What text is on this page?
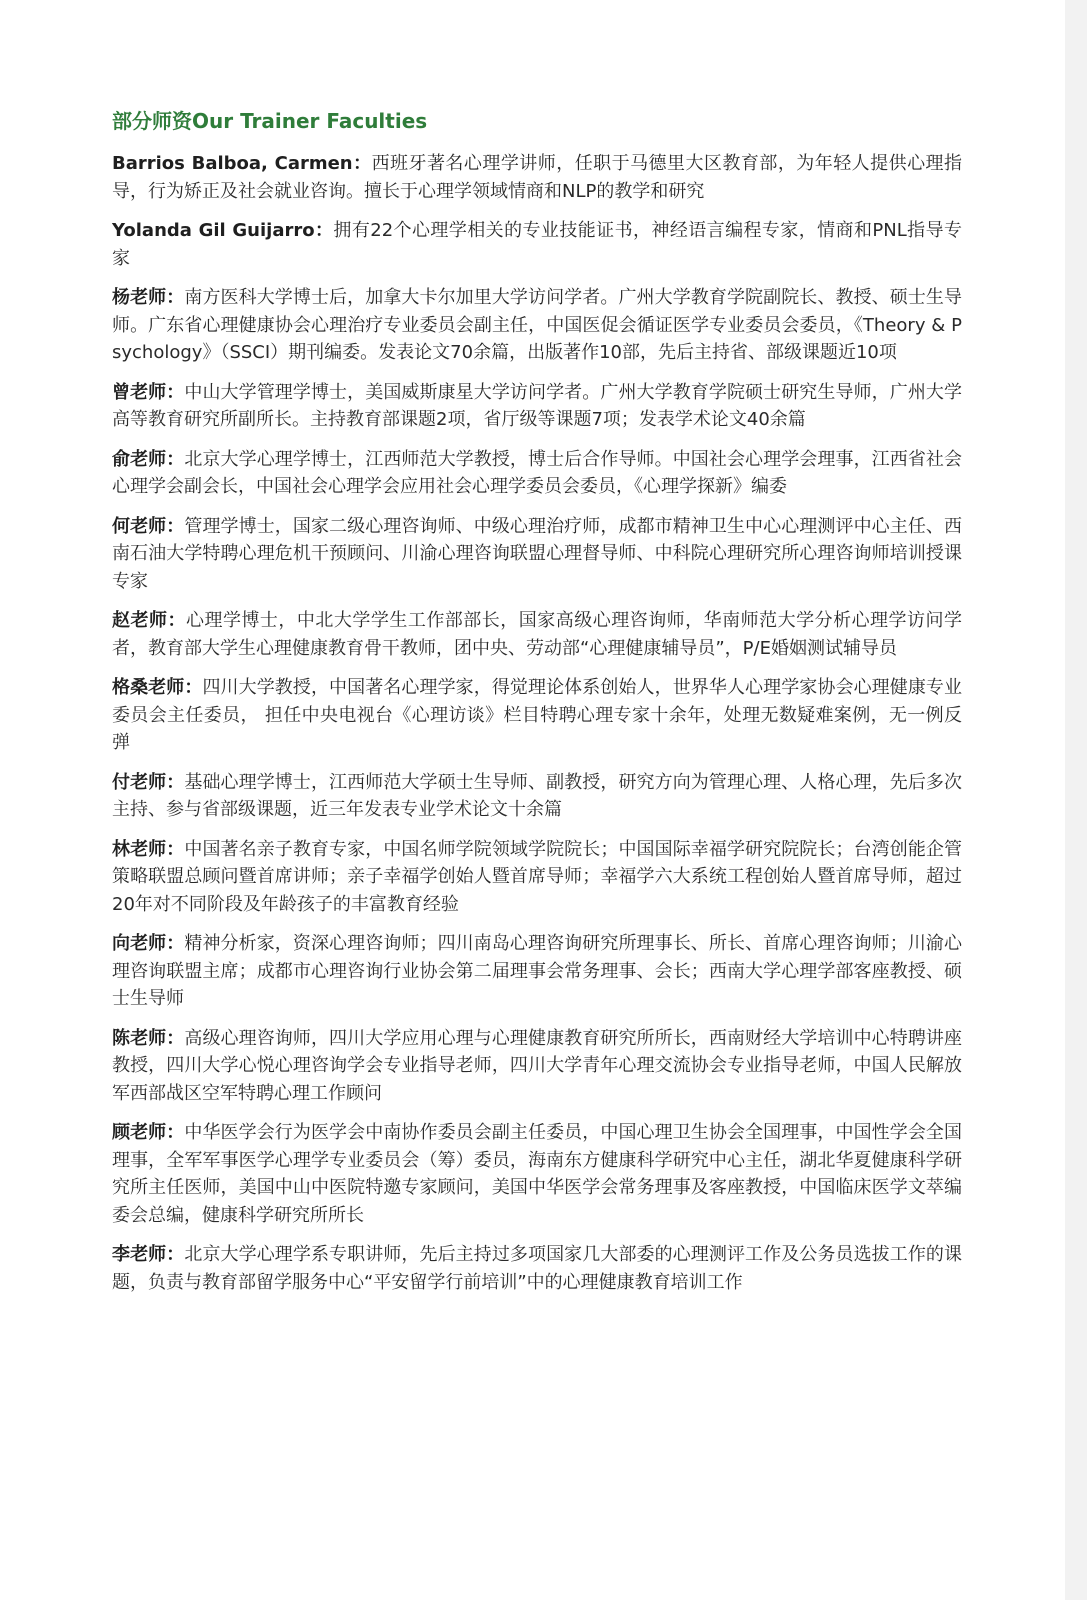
部分师资Our Trainer Faculties

Barrios Balboa, Carmen：西班牙著名心理学讲师，任职于马德里大区教育部，为年轻人提供心理指导，行为矫正及社会就业咨询。擅长于心理学领域情商和NLP的教学和研究

Yolanda Gil Guijarro：拥有22个心理学相关的专业技能证书，神经语言编程专家，情商和PNL指导专家

杨老师：南方医科大学博士后，加拿大卡尔加里大学访问学者。广州大学教育学院副院长、教授、硕士生导师。广东省心理健康协会心理治疗专业委员会副主任，中国医促会循证医学专业委员会委员，《Theory & Psychology》（SSCI）期刊编委。发表论文70余篇，出版著作10部，先后主持省、部级课题近10项

曾老师：中山大学管理学博士，美国威斯康星大学访问学者。广州大学教育学院硕士研究生导师，广州大学高等教育研究所副所长。主持教育部课题2项，省厅级等课题7项；发表学术论文40余篇

俞老师：北京大学心理学博士，江西师范大学教授，博士后合作导师。中国社会心理学会理事，江西省社会心理学会副会长，中国社会心理学会应用社会心理学委员会委员，《心理学探新》编委

何老师：管理学博士，国家二级心理咨询师、中级心理治疗师，成都市精神卫生中心心理测评中心主任、西南石油大学特聘心理危机干预顾问、川渝心理咨询联盟心理督导师、中科院心理研究所心理咨询师培训授课专家

赵老师：心理学博士，中北大学学生工作部部长，国家高级心理咨询师，华南师范大学分析心理学访问学者，教育部大学生心理健康教育骨干教师，团中央、劳动部“心理健康辅导员”，P/E婚姻测试辅导员

格桑老师：四川大学教授，中国著名心理学家，得觉理论体系创始人，世界华人心理学家协会心理健康专业委员会主任委员， 担任中央电视台《心理访谈》栏目特聘心理专家十余年，处理无数疑难案例，无一例反弹

付老师：基础心理学博士，江西师范大学硕士生导师、副教授，研究方向为管理心理、人格心理，先后多次主持、参与省部级课题，近三年发表专业学术论文十余篇

林老师：中国著名亲子教育专家，中国名师学院领域学院院长；中国国际幸福学研究院院长；台湾创能企管策略联盟总顾问暨首席讲师；亲子幸福学创始人暨首席导师；幸福学六大系统工程创始人暨首席导师，超过20年对不同阶段及年龄孩子的丰富教育经验

向老师：精神分析家，资深心理咨询师；四川南岛心理咨询研究所理事长、所长、首席心理咨询师；川渝心理咨询联盟主席；成都市心理咨询行业协会第二届理事会常务理事、会长；西南大学心理学部客座教授、硕士生导师

陈老师：高级心理咨询师，四川大学应用心理与心理健康教育研究所所长，西南财经大学培训中心特聘讲座教授，四川大学心悦心理咨询学会专业指导老师，四川大学青年心理交流协会专业指导老师，中国人民解放军西部战区空军特聘心理工作顾问

顾老师：中华医学会行为医学会中南协作委员会副主任委员，中国心理卫生协会全国理事，中国性学会全国理事，全军军事医学心理学专业委员会（筹）委员，海南东方健康科学研究中心主任，湖北华夏健康科学研究所主任医师，美国中山中医院特邀专家顾问，美国中华医学会常务理事及客座教授，中国临床医学文萃编委会总编，健康科学研究所所长

李老师：北京大学心理学系专职讲师，先后主持过多项国家几大部委的心理测评工作及公务员选拔工作的课题，负责与教育部留学服务中心“平安留学行前培训”中的心理健康教育培训工作
